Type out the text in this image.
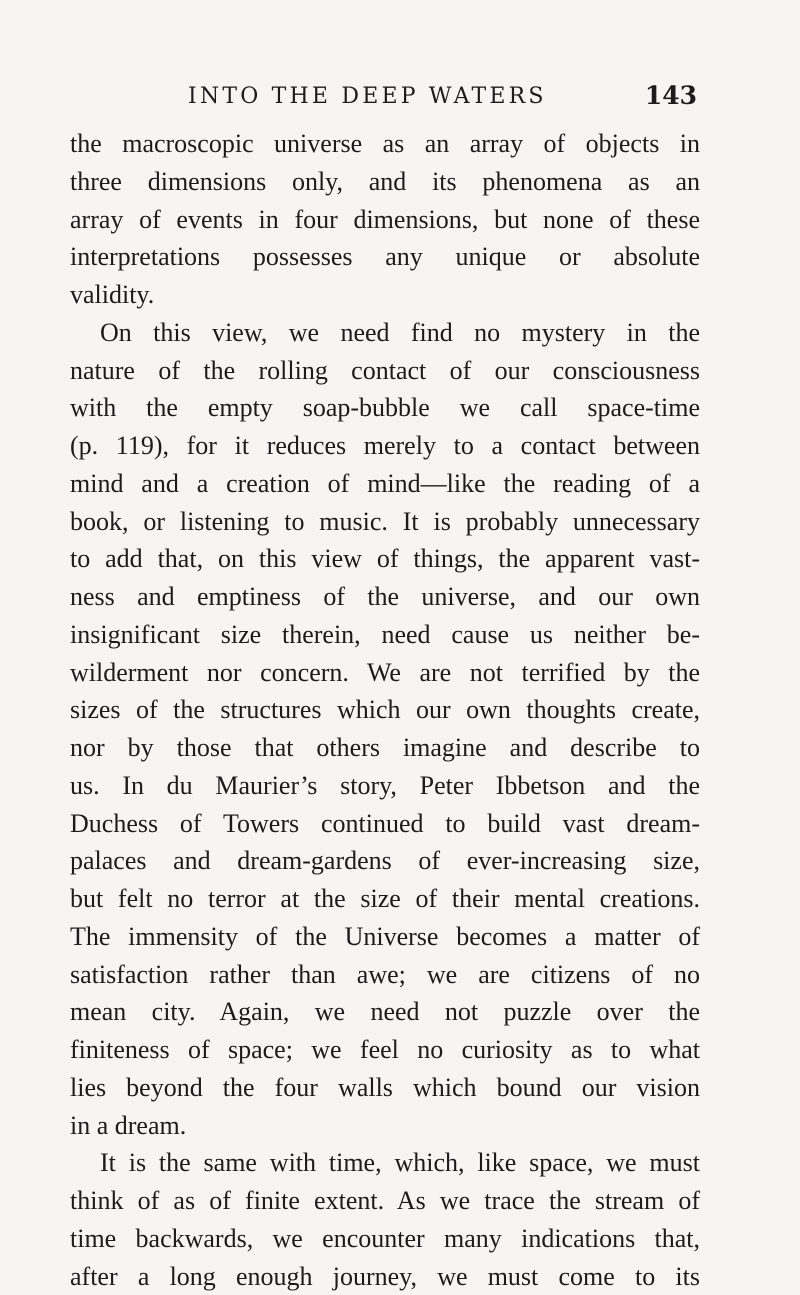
INTO THE DEEP WATERS	143
the macroscopic universe as an array of objects in
three dimensions only, and its phenomena as an
array of events in four dimensions, but none of these
interpretations possesses any unique or absolute
validity.
On this view, we need find no mystery in the
nature of the rolling contact of our consciousness
with the empty soap-bubble we call space-time
(p. 119), for it reduces merely to a contact between
mind and a creation of mind—like the reading of a
book, or listening to music. It is probably unnecessary
to add that, on this view of things, the apparent vast-
ness and emptiness of the universe, and our own
insignificant size therein, need cause us neither be-
wilderment nor concern. We are not terrified by the
sizes of the structures which our own thoughts create,
nor by those that others imagine and describe to
us. In du Maurier’s story, Peter Ibbetson and the
Duchess of Towers continued to build vast dream-
palaces and dream-gardens of ever-increasing size,
but felt no terror at the size of their mental creations.
The immensity of the Universe becomes a matter of
satisfaction rather than awe; we are citizens of no
mean city. Again, we need not puzzle over the
finiteness of space; we feel no curiosity as to what
lies beyond the four walls which bound our vision
in a dream.
It is the same with time, which, like space, we must
think of as of finite extent. As we trace the stream of
time backwards, we encounter many indications that,
after a long enough journey, we must come to its
